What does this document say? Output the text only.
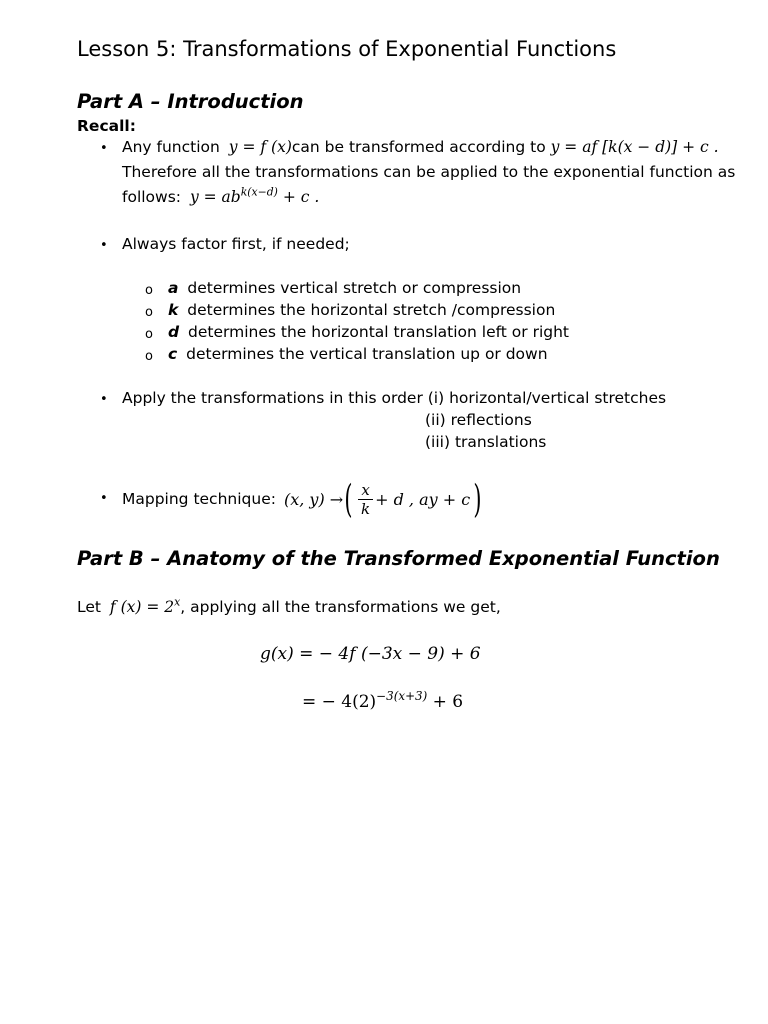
Lesson 5: Transformations of Exponential Functions
Part A – Introduction
Recall:
• Any function y = f (x)can be transformed according to y = af [k(x − d)] + c .
Therefore all the transformations can be applied to the exponential function as
follows: $y = ab^{k(x-d)} + c$ .
• Always factor first, if needed;
o a determines vertical stretch or compression
o k determines the horizontal stretch /compression
o d determines the horizontal translation left or right
o c determines the vertical translation up or down
• Apply the transformations in this order (i) horizontal/vertical stretches
(ii) reflections
(iii) translations
• Mapping technique: (x, y) → ( $\frac{x}{k} + d$ , ay + c )
Part B – Anatomy of the Transformed Exponential Function
Let f $(x) = 2^x$, applying all the transformations we get,
g(x) = − 4f (−3x − 9) + 6
= − $4(2)^{-3(x+3)} + 6$
